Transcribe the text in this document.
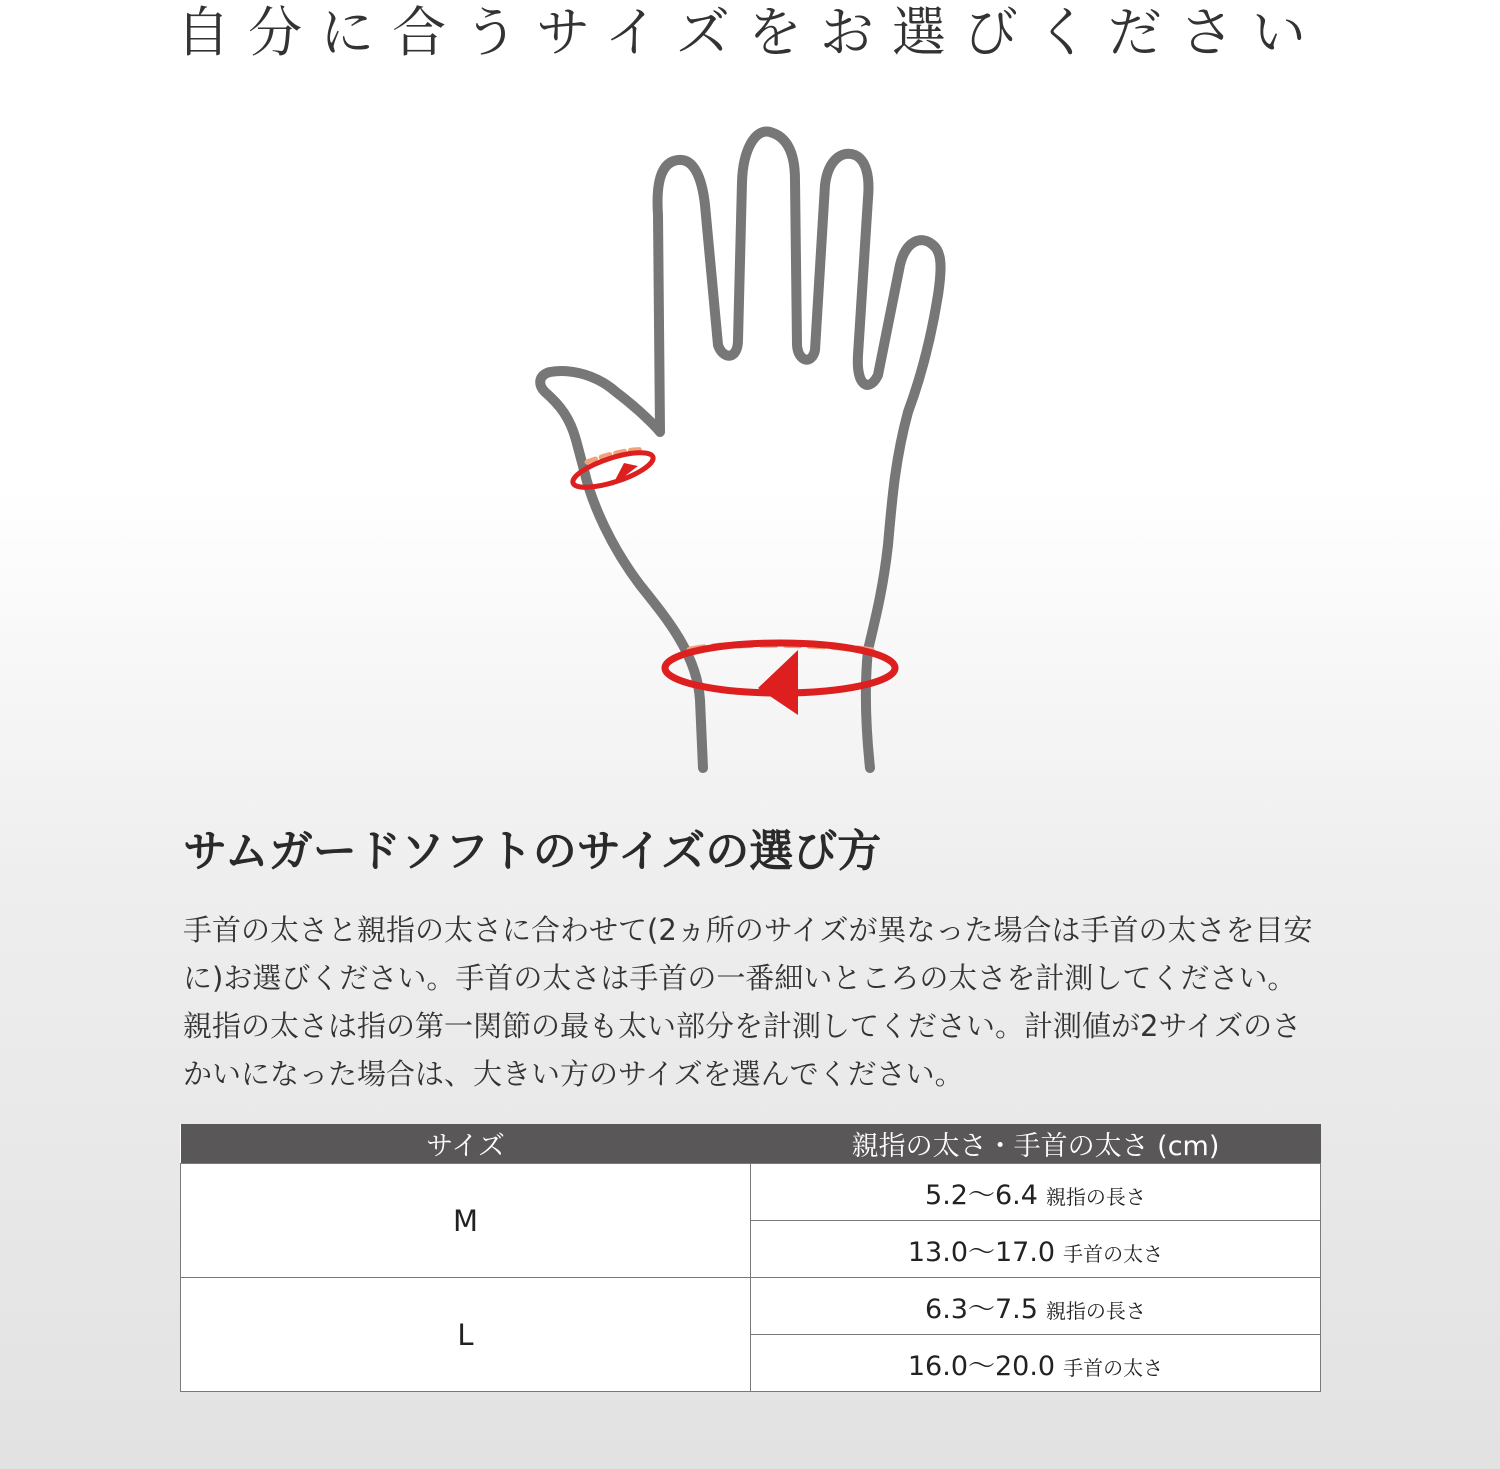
自分に合うサイズをお選びください
サムガードソフトのサイズの選び方

手首の太さと親指の太さに合わせて(2ヵ所のサイズが異なった場合は手首の太さを目安に)お選びください。手首の太さは手首の一番細いところの太さを計測してください。親指の太さは指の第一関節の最も太い部分を計測してください。計測値が2サイズのさかいになった場合は、大きい方のサイズを選んでください。

サイズ	親指の太さ・手首の太さ (cm)
M	5.2〜6.4 親指の長さ
	13.0〜17.0 手首の太さ
L	6.3〜7.5 親指の長さ
	16.0〜20.0 手首の太さ
